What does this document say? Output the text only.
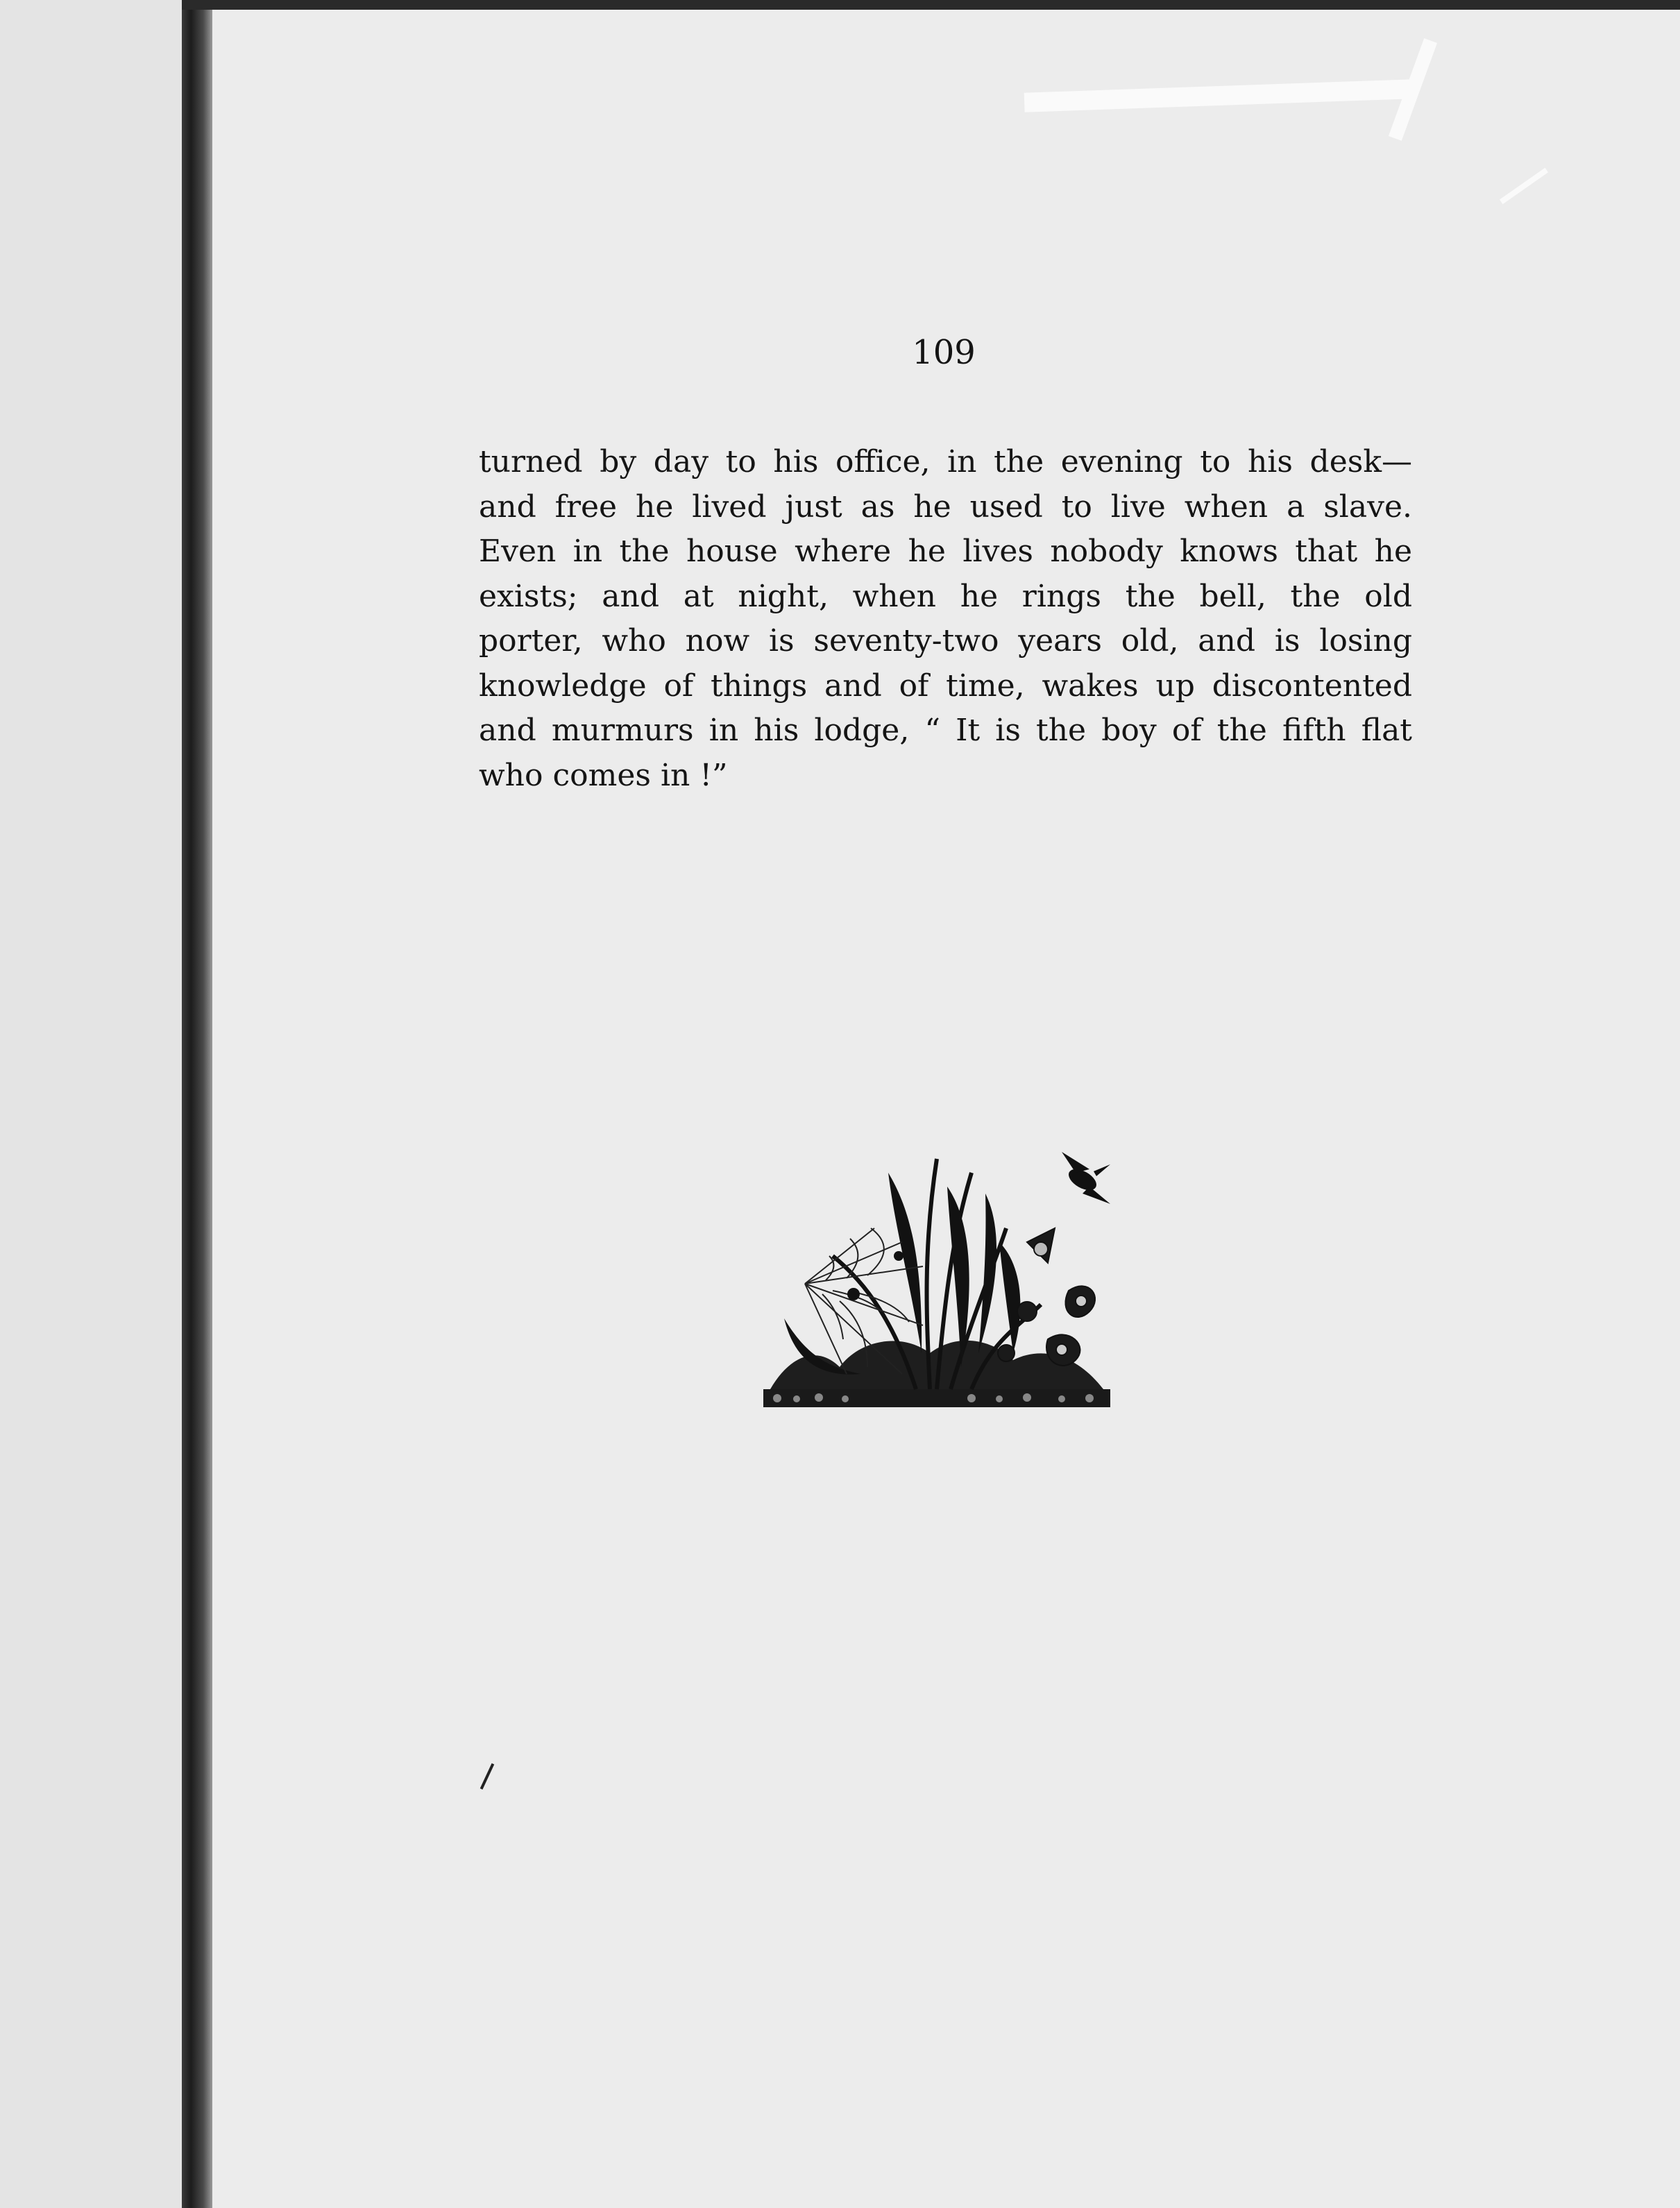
109
turned by day to his office, in the evening to his desk—
and free he lived just as he used to live when a slave.
Even in the house where he lives nobody knows that he
exists; and at night, when he rings the bell, the old
porter, who now is seventy-two years old, and is losing
knowledge of things and of time, wakes up discontented
and murmurs in his lodge, “ It is the boy of the fifth flat
who comes in !”
